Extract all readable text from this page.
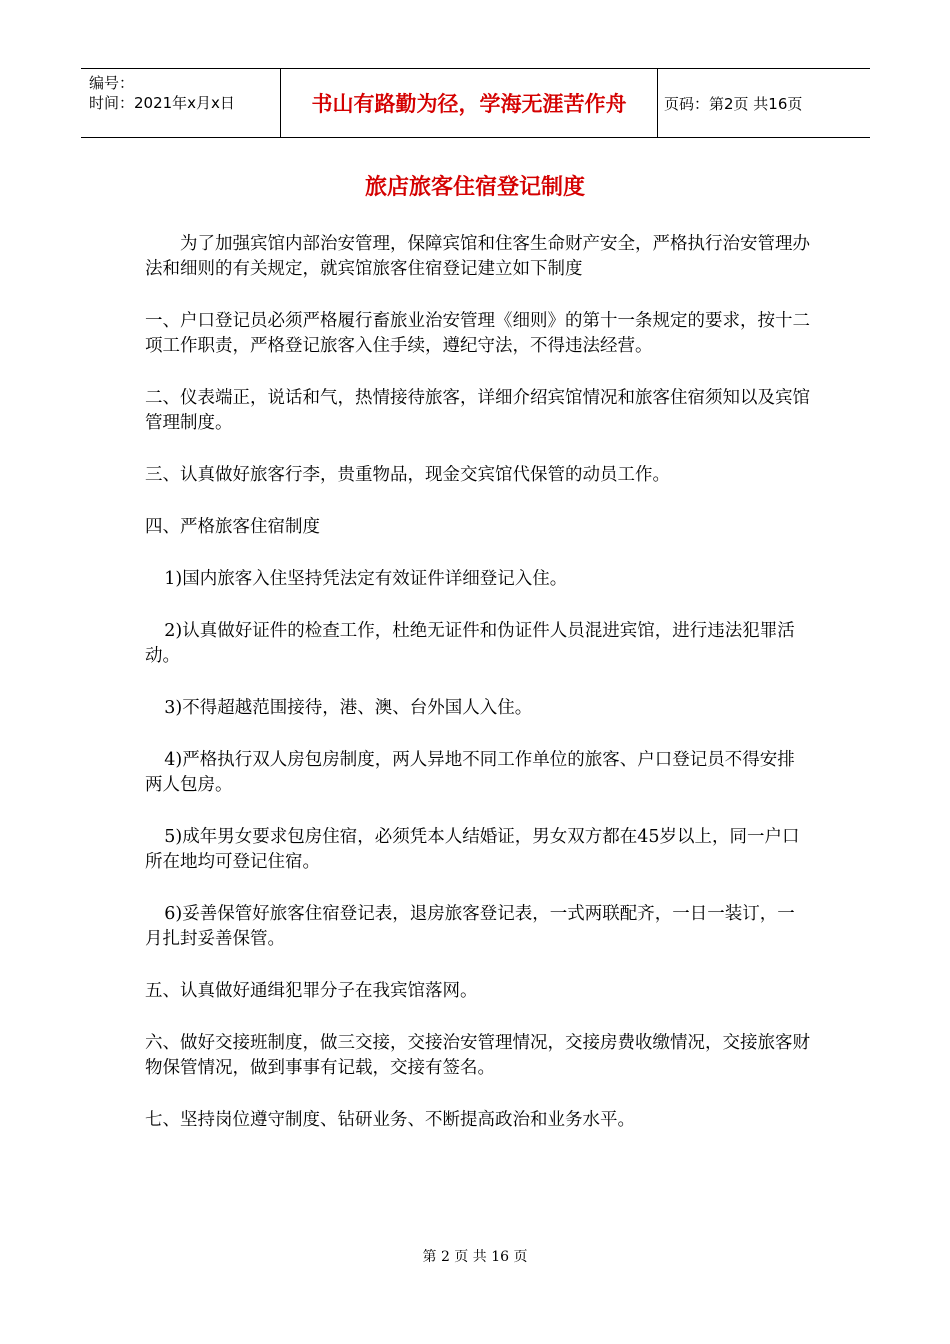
编号：
时间：2021年x月x日	书山有路勤为径，学海无涯苦作舟	页码：第2页 共16页
旅店旅客住宿登记制度

为了加强宾馆内部治安管理，保障宾馆和住客生命财产安全，严格执行治安管理办法和细则的有关规定，就宾馆旅客住宿登记建立如下制度

一、户口登记员必须严格履行畜旅业治安管理《细则》的第十一条规定的要求，按十二项工作职责，严格登记旅客入住手续，遵纪守法，不得违法经营。

二、仪表端正，说话和气，热情接待旅客，详细介绍宾馆情况和旅客住宿须知以及宾馆管理制度。

三、认真做好旅客行李，贵重物品，现金交宾馆代保管的动员工作。

四、严格旅客住宿制度

1)国内旅客入住坚持凭法定有效证件详细登记入住。

2)认真做好证件的检查工作，杜绝无证件和伪证件人员混进宾馆，进行违法犯罪活动。

3)不得超越范围接待，港、澳、台外国人入住。

4)严格执行双人房包房制度，两人异地不同工作单位的旅客、户口登记员不得安排两人包房。

5)成年男女要求包房住宿，必须凭本人结婚证，男女双方都在45岁以上，同一户口所在地均可登记住宿。

6)妥善保管好旅客住宿登记表，退房旅客登记表，一式两联配齐，一日一装订，一月扎封妥善保管。

五、认真做好通缉犯罪分子在我宾馆落网。

六、做好交接班制度，做三交接，交接治安管理情况，交接房费收缴情况，交接旅客财物保管情况，做到事事有记载，交接有签名。

七、坚持岗位遵守制度、钻研业务、不断提高政治和业务水平。

第 2 页 共 16 页
